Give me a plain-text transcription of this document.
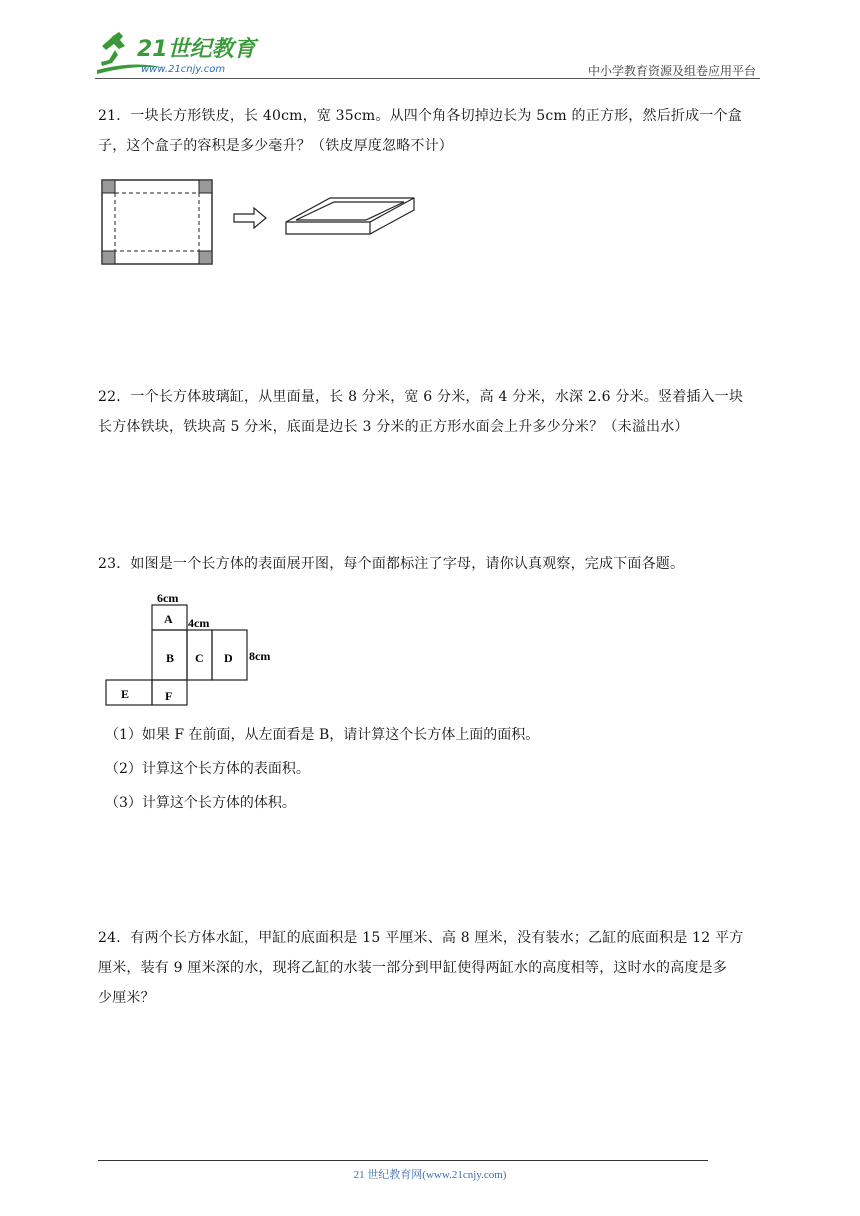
21世纪教育
www.21cnjy.com	中小学教育资源及组卷应用平台

21．一块长方形铁皮，长 40cm，宽 35cm。从四个角各切掉边长为 5cm 的正方形，然后折成一个盒

子，这个盒子的容积是多少毫升？（铁皮厚度忽略不计）

22．一个长方体玻璃缸，从里面量，长 8 分米，宽 6 分米，高 4 分米，水深 2.6 分米。竖着插入一块

长方体铁块，铁块高 5 分米，底面是边长 3 分米的正方形水面会上升多少分米？（未溢出水）

23．如图是一个长方体的表面展开图，每个面都标注了字母，请你认真观察，完成下面各题。

6cm
4cm
8cm
A
B C D
E	F
（1）如果 F 在前面，从左面看是 B，请计算这个长方体上面的面积。
（2）计算这个长方体的表面积。
（3）计算这个长方体的体积。

24．有两个长方体水缸，甲缸的底面积是 15 平厘米、高 8 厘米，没有装水；乙缸的底面积是 12 平方

厘米，装有 9 厘米深的水，现将乙缸的水装一部分到甲缸使得两缸水的高度相等，这时水的高度是多

少厘米？

21 世纪教育网(www.21cnjy.com)
